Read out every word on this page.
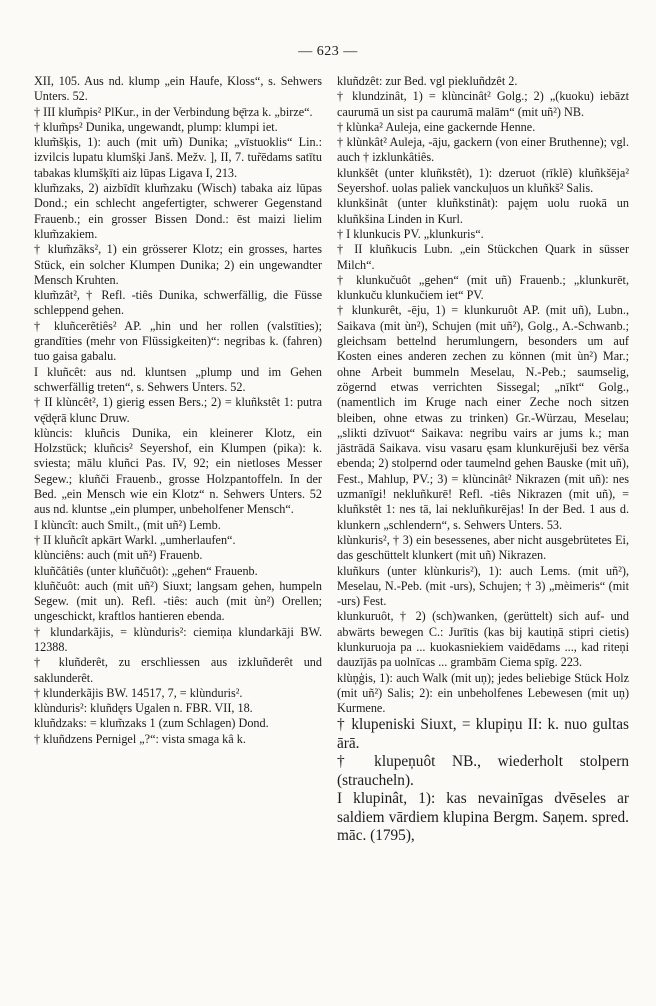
— 623 —

XII, 105. Aus nd. klump „ein Haufe, Kloss“, s. Sehwers Unters. 52.

† III klum̃pis² PlKur., in der Verbindung bę̄rza k. „birze“.

† klum̃ps² Dunika, ungewandt, plump: klumpi iet.

klum̃šķis, 1): auch (mit um̃) Dunika; „vīstuoklis“ Lin.: izvilcis lupatu klumšķi Janš. Mežv. ], II, 7. tur̃ēdams satītu tabakas klumšķīti aiz lūpas Ligava I, 213.

klum̃zaks, 2) aizbīdīt klum̃zaku (Wisch) tabaka aiz lūpas Dond.; ein schlecht angefertigter, schwerer Gegenstand Frauenb.; ein grosser Bissen Dond.: ēst maizi lielim klum̃zakiem.

† klum̃zãks², 1) ein grösserer Klotz; ein grosses, hartes Stück, ein solcher Klumpen Dunika; 2) ein ungewandter Mensch Kruhten.

klum̃zât², † Refl. -tiês Dunika, schwerfällig, die Füsse schleppend gehen.

† kluñcerẽtiês² AP. „hin und her rollen (valstīties); grandīties (mehr von Flüssigkeiten)“: negribas k. (fahren) tuo gaisa gabalu.

I kluñcêt: aus nd. kluntsen „plump und im Gehen schwerfällig treten“, s. Sehwers Unters. 52.

† II klùncêt², 1) gierig essen Bers.; 2) = kluñkstêt 1: putra vę̄dęrā klunc Druw.

klùncis: kluñcis Dunika, ein kleinerer Klotz, ein Holzstück; kluñcis² Seyershof, ein Klumpen (pika): k. sviesta; mālu kluñci Pas. IV, 92; ein nietloses Messer Segew.; kluñči Frauenb., grosse Holzpantoffeln. In der Bed. „ein Mensch wie ein Klotz“ n. Sehwers Unters. 52 aus nd. kluntse „ein plumper, unbeholfener Mensch“.

I klùncît: auch Smilt., (mit uñ²) Lemb.

† II kluñcît apkārt Warkl. „umherlaufen“.

klùnciêns: auch (mit uñ²) Frauenb.

kluñčâtiês (unter kluñčuôt): „gehen“ Frauenb.

kluñčuôt: auch (mit uñ²) Siuxt; langsam gehen, humpeln Segew. (mit un). Refl. -tiês: auch (mit ùn²) Orellen; ungeschickt, kraftlos hantieren ebenda.

† klundarkãjis, = klùnduris²: ciemiņa klundarkāji BW. 12388.

† kluñderêt, zu erschliessen aus izkluñderêt und saklunderêt.

† klunderkãjis BW. 14517, 7, = klùnduris².

klùnduris²: kluñdęrs Ugalen n. FBR. VII, 18.

kluñdzaks: = klum̃zaks 1 (zum Schlagen) Dond.

† kluñdzens Pernigel „?“: vista smaga kâ k.

kluñdzêt: zur Bed. vgl piekluñdzêt 2.

† klundzinât, 1) = klùncinât² Golg.; 2) „(kuoku) iebāzt caurumā un sist pa caurumā malām“ (mit uñ²) NB.

† klùnka² Auleja, eine gackernde Henne.

† klùnkât² Auleja, -āju, gackern (von einer Bruthenne); vgl. auch † izklunkâtiês.

klunkšêt (unter kluñkstêt), 1): dzeruot (rīklē) kluñkšēja² Seyershof. uolas paliek vanckuļuos un kluñkš² Salis.

klunkšinât (unter kluñkstinât): pajęm uolu ruokā un kluñkšina Linden in Kurl.

† I klunkucis PV. „klunkuris“.

† II kluñkucis Lubn. „ein Stückchen Quark in süsser Milch“.

† klunkučuôt „gehen“ (mit uñ) Frauenb.; „klunkurēt, klunkuču klunkučiem iet“ PV.

† klunkurêt, -ēju, 1) = klunkuruôt AP. (mit uñ), Lubn., Saikava (mit ùn²), Schujen (mit uñ²), Golg., A.-Schwanb.; gleichsam bettelnd herumlungern, besonders um auf Kosten eines anderen zechen zu können (mit ùn²) Mar.; ohne Arbeit bummeln Meselau, N.-Peb.; saumselig, zögernd etwas verrichten Sissegal; „nīkt“ Golg., (namentlich im Kruge nach einer Zeche noch sitzen bleiben, ohne etwas zu trinken) Gr.-Würzau, Meselau; „slikti dzīvuot“ Saikava: negribu vairs ar jums k.; man jāstrādā Saikava. visu vasaru ęsam klunkurējuši bez vēršа ebenda; 2) stolpernd oder taumelnd gehen Bauske (mit uñ), Fest., Mahlup, PV.; 3) = klùncinât² Nikrazen (mit uñ): nes uzmanīgi! nekluñkurē! Refl. -tiês Nikrazen (mit uñ), = kluñkstêt 1: nes tā, lai nekluñkurējas! In der Bed. 1 aus d. klunkern „schlendern“, s. Sehwers Unters. 53.

klùnkuris², † 3) ein besessenes, aber nicht ausgebrütetes Ei, das geschüttelt klunkert (mit uñ) Nikrazen.

kluñkurs (unter klùnkuris²), 1): auch Lems. (mit uñ²), Meselau, N.-Peb. (mit -urs), Schujen; † 3) „mèimeris“ (mit -urs) Fest.

klunkuruôt, † 2) (sch)wanken, (gerüttelt) sich auf- und abwärts bewegen C.: Jurītis (kas bij kautiņā stipri cietis) klunkuruoja pa ... kuokasniekiem vaidēdams ..., kad riteņi dauzījās pa uolnīcas ... grambām Ciema spīg. 223.

klùņģis, 1): auch Walk (mit uņ); jedes beliebige Stück Holz (mit uñ²) Salis; 2): ein unbeholfenes Lebewesen (mit uņ) Kurmene.

† klupeniski Siuxt, = klupiņu II: k. nuo gultas ārā.

† klupeņuôt NB., wiederholt stolpern (straucheln).

I klupinât, 1): kas nevainīgas dvēseles ar saldiem vārdiem klupina Bergm. Saņem. spred. māc. (1795),
